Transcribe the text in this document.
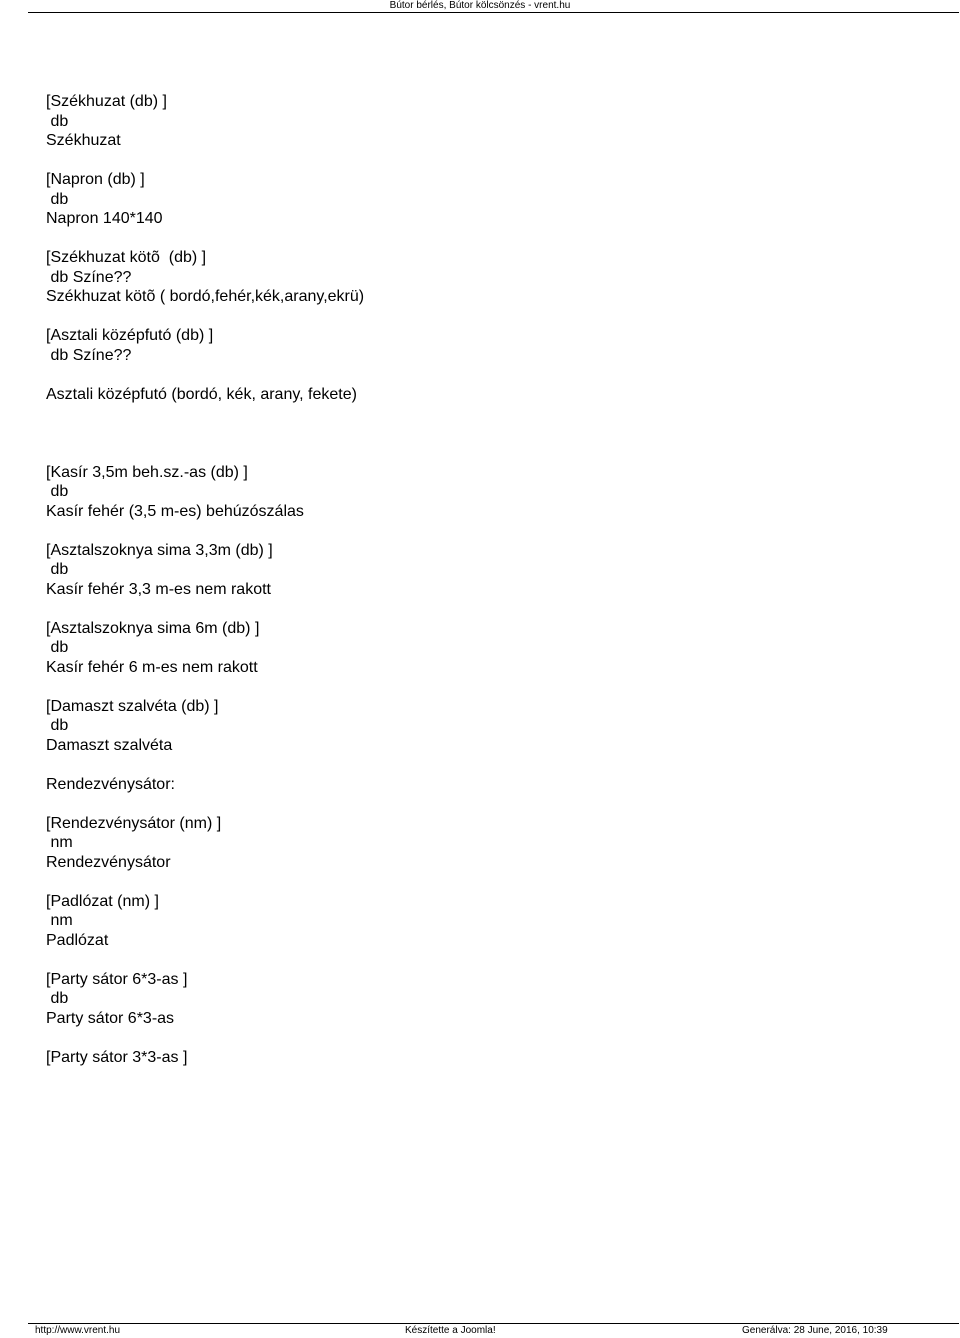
Bútor bérlés, Bútor kölcsönzés - vrent.hu
[Székhuzat (db) ]
db
Székhuzat
[Napron (db) ]
db
Napron 140*140
[Székhuzat kötõ  (db) ]
db Színe??
Székhuzat kötõ ( bordó,fehér,kék,arany,ekrü)
[Asztali középfutó (db) ]
db Színe??
Asztali középfutó (bordó, kék, arany, fekete)
[Kasír 3,5m beh.sz.-as (db) ]
db
Kasír fehér (3,5 m-es) behúzószálas
[Asztalszoknya sima 3,3m (db) ]
db
Kasír fehér 3,3 m-es nem rakott
[Asztalszoknya sima 6m (db) ]
db
Kasír fehér 6 m-es nem rakott
[Damaszt szalvéta (db) ]
db
Damaszt szalvéta
Rendezvénysátor:
[Rendezvénysátor (nm) ]
nm
Rendezvénysátor
[Padlózat (nm) ]
nm
Padlózat
[Party sátor 6*3-as ]
db
Party sátor 6*3-as
[Party sátor 3*3-as ]
http://www.vrent.hu	Készítette a Joomla!	Generálva: 28 June, 2016, 10:39
